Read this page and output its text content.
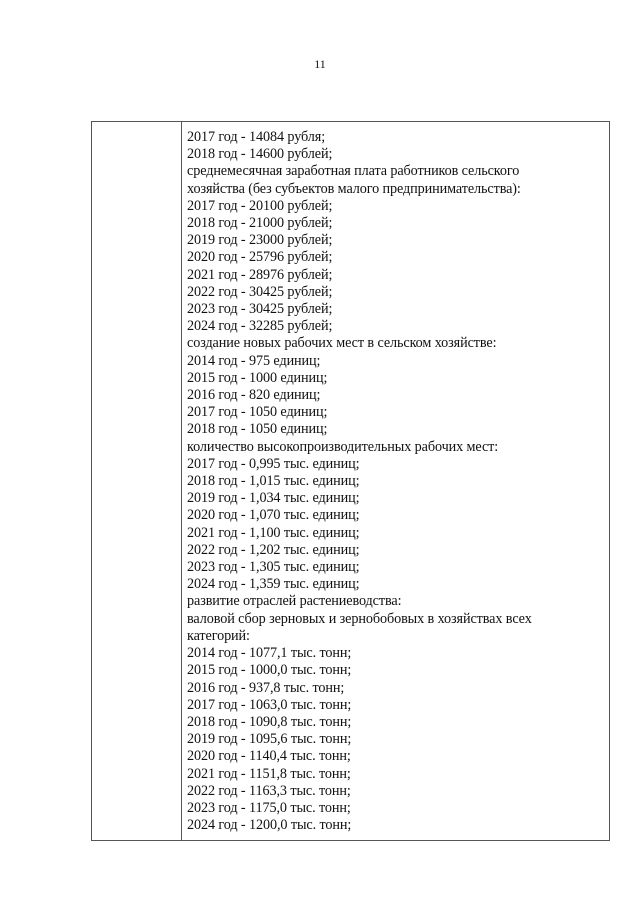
11
2017 год - 14084 рубля;
2018 год - 14600 рублей;
среднемесячная заработная плата работников сельского
хозяйства (без субъектов малого предпринимательства):
2017 год - 20100 рублей;
2018 год - 21000 рублей;
2019 год - 23000 рублей;
2020 год - 25796 рублей;
2021 год - 28976 рублей;
2022 год - 30425 рублей;
2023 год - 30425 рублей;
2024 год - 32285 рублей;
создание новых рабочих мест в сельском хозяйстве:
2014 год - 975 единиц;
2015 год - 1000 единиц;
2016 год - 820 единиц;
2017 год - 1050 единиц;
2018 год - 1050 единиц;
количество высокопроизводительных рабочих мест:
2017 год - 0,995 тыс. единиц;
2018 год - 1,015 тыс. единиц;
2019 год - 1,034 тыс. единиц;
2020 год - 1,070 тыс. единиц;
2021 год - 1,100 тыс. единиц;
2022 год - 1,202 тыс. единиц;
2023 год - 1,305 тыс. единиц;
2024 год - 1,359 тыс. единиц;
развитие отраслей растениеводства:
валовой сбор зерновых и зернобобовых в хозяйствах всех
категорий:
2014 год - 1077,1 тыс. тонн;
2015 год - 1000,0 тыс. тонн;
2016 год - 937,8 тыс. тонн;
2017 год - 1063,0 тыс. тонн;
2018 год - 1090,8 тыс. тонн;
2019 год - 1095,6 тыс. тонн;
2020 год - 1140,4 тыс. тонн;
2021 год - 1151,8 тыс. тонн;
2022 год - 1163,3 тыс. тонн;
2023 год - 1175,0 тыс. тонн;
2024 год - 1200,0 тыс. тонн;
